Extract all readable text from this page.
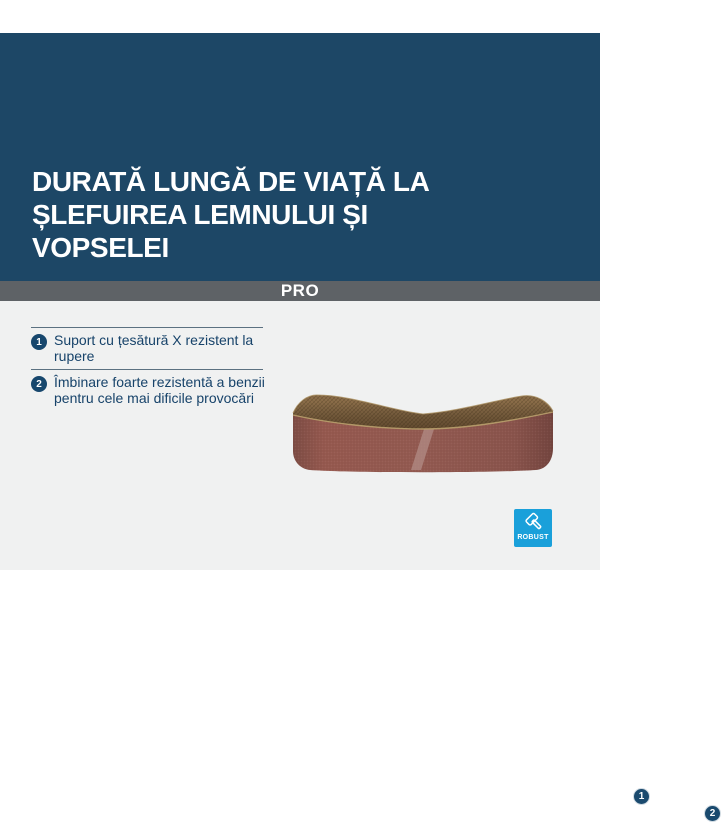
DURATĂ LUNGĂ DE VIAȚĂ LA
ȘLEFUIREA LEMNULUI ȘI
VOPSELEI
PRO
1 Suport cu țesătură X rezistent la
rupere
2 Îmbinare foarte rezistentă a benzii
pentru cele mai dificile provocări
1
2
ROBUST
